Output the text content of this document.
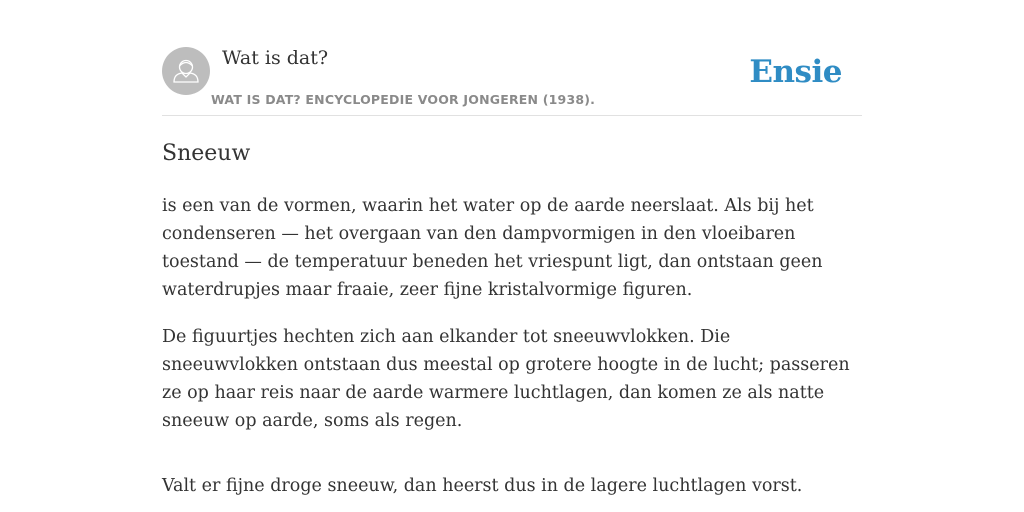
Wat is dat?
WAT IS DAT? ENCYCLOPEDIE VOOR JONGEREN (1938).
Ensie
Sneeuw

is een van de vormen, waarin het water op de aarde neerslaat. Als bij het condenseren — het overgaan van den dampvormigen in den vloeibaren toestand — de temperatuur beneden het vriespunt ligt, dan ontstaan geen waterdrupjes maar fraaie, zeer fijne kristalvormige figuren.

De figuurtjes hechten zich aan elkander tot sneeuwvlokken. Die sneeuwvlokken ontstaan dus meestal op grotere hoogte in de lucht; passeren ze op haar reis naar de aarde warmere luchtlagen, dan komen ze als natte sneeuw op aarde, soms als regen.

Valt er fijne droge sneeuw, dan heerst dus in de lagere luchtlagen vorst.
